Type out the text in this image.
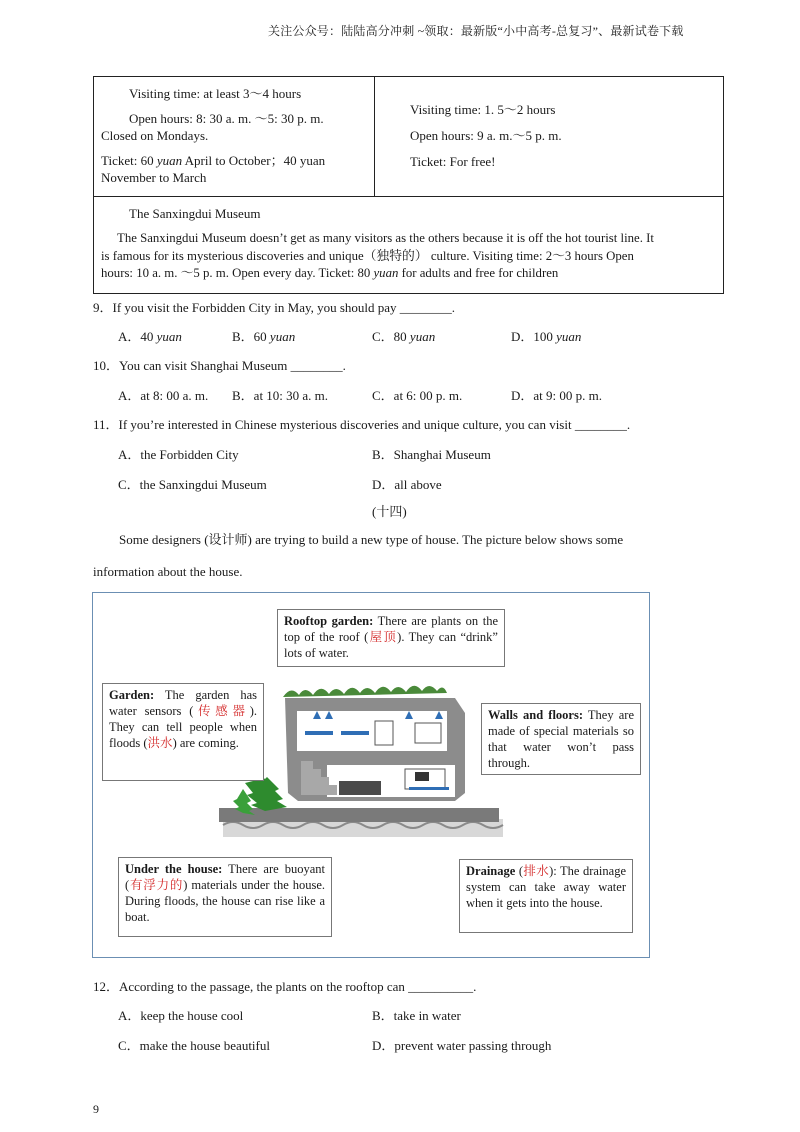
关注公众号：陆陆高分冲刺 ~领取：最新版“小中高考-总复习”、最新试卷下载
Visiting time: at least 3～4 hours
Open hours: 8: 30 a. m. ～5: 30 p. m.
Closed on Mondays.
Ticket: 60 yuan April to October；40 yuan
November to March
Visiting time: 1. 5～2 hours
Open hours: 9 a. m.～5 p. m.
Ticket: For free!
The Sanxingdui Museum
The Sanxingdui Museum doesn’t get as many visitors as the others because it is off the hot tourist line. It
is famous for its mysterious discoveries and unique（独特的） culture. Visiting time: 2～3 hours Open
hours: 10 a. m. ～5 p. m. Open every day. Ticket: 80 yuan for adults and free for children
9．If you visit the Forbidden City in May, you should pay ________.
A．40 yuan	B．60 yuan	C．80 yuan	D．100 yuan
10．You can visit Shanghai Museum ________.
A．at 8: 00 a. m. B．at 10: 30 a. m.	C．at 6: 00 p. m.	D．at 9: 00 p. m.
11．If you’re interested in Chinese mysterious discoveries and unique culture, you can visit ________.
A．the Forbidden City	B．Shanghai Museum
C．the Sanxingdui Museum	D．all above
(十四)
Some designers (设计师) are trying to build a new type of house. The picture below shows some
information about the house.
Rooftop garden: There are plants on the top of the roof (屋顶). They can “drink” lots of water.
Garden: The garden has water sensors (传感器). They can tell people when floods (洪水) are coming.
Walls and floors: They are made of special materials so that water won’t pass through.
Under the house: There are buoyant (有浮力的) materials under the house. During floods, the house can rise like a boat.
Drainage (排水): The drainage system can take away water when it gets into the house.
12．According to the passage, the plants on the rooftop can __________.
A．keep the house cool	B．take in water
C．make the house beautiful	D．prevent water passing through
9
